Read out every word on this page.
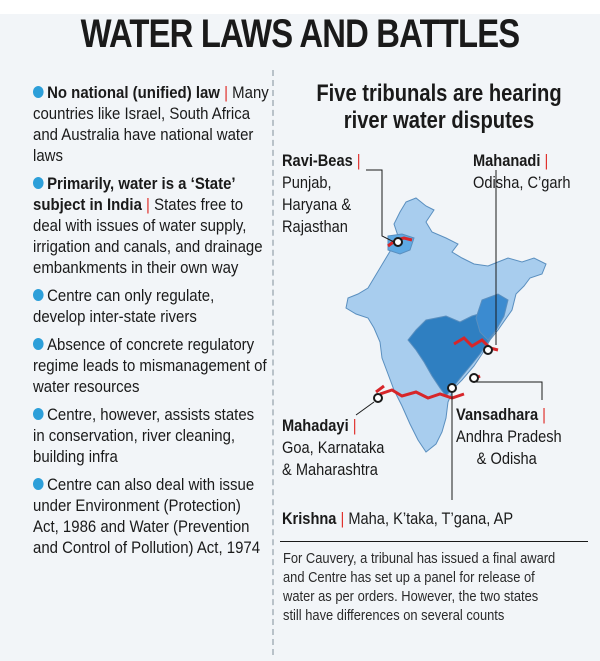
WATER LAWS AND BATTLES
No national (unified) law | Many countries like Israel, South Africa and Australia have national water laws
Primarily, water is a ‘State’ subject in India | States free to deal with issues of water supply, irrigation and canals, and drainage embankments in their own way
Centre can only regulate, develop inter-state rivers
Absence of concrete regulatory regime leads to mismanagement of water resources
Centre, however, assists states in conservation, river cleaning, building infra
Centre can also deal with issue under Environment (Protection) Act, 1986 and Water (Prevention and Control of Pollution) Act, 1974
Five tribunals are hearing
river water disputes
Ravi-Beas |
Punjab,
Haryana &
Rajasthan
Mahanadi |
Odisha, C’garh
Mahadayi |
Goa, Karnataka
& Maharashtra
Vansadhara |
Andhra Pradesh
& Odisha
Krishna | Maha, K’taka, T’gana, AP
For Cauvery, a tribunal has issued a final award and Centre has set up a panel for release of water as per orders. However, the two states still have differences on several counts
